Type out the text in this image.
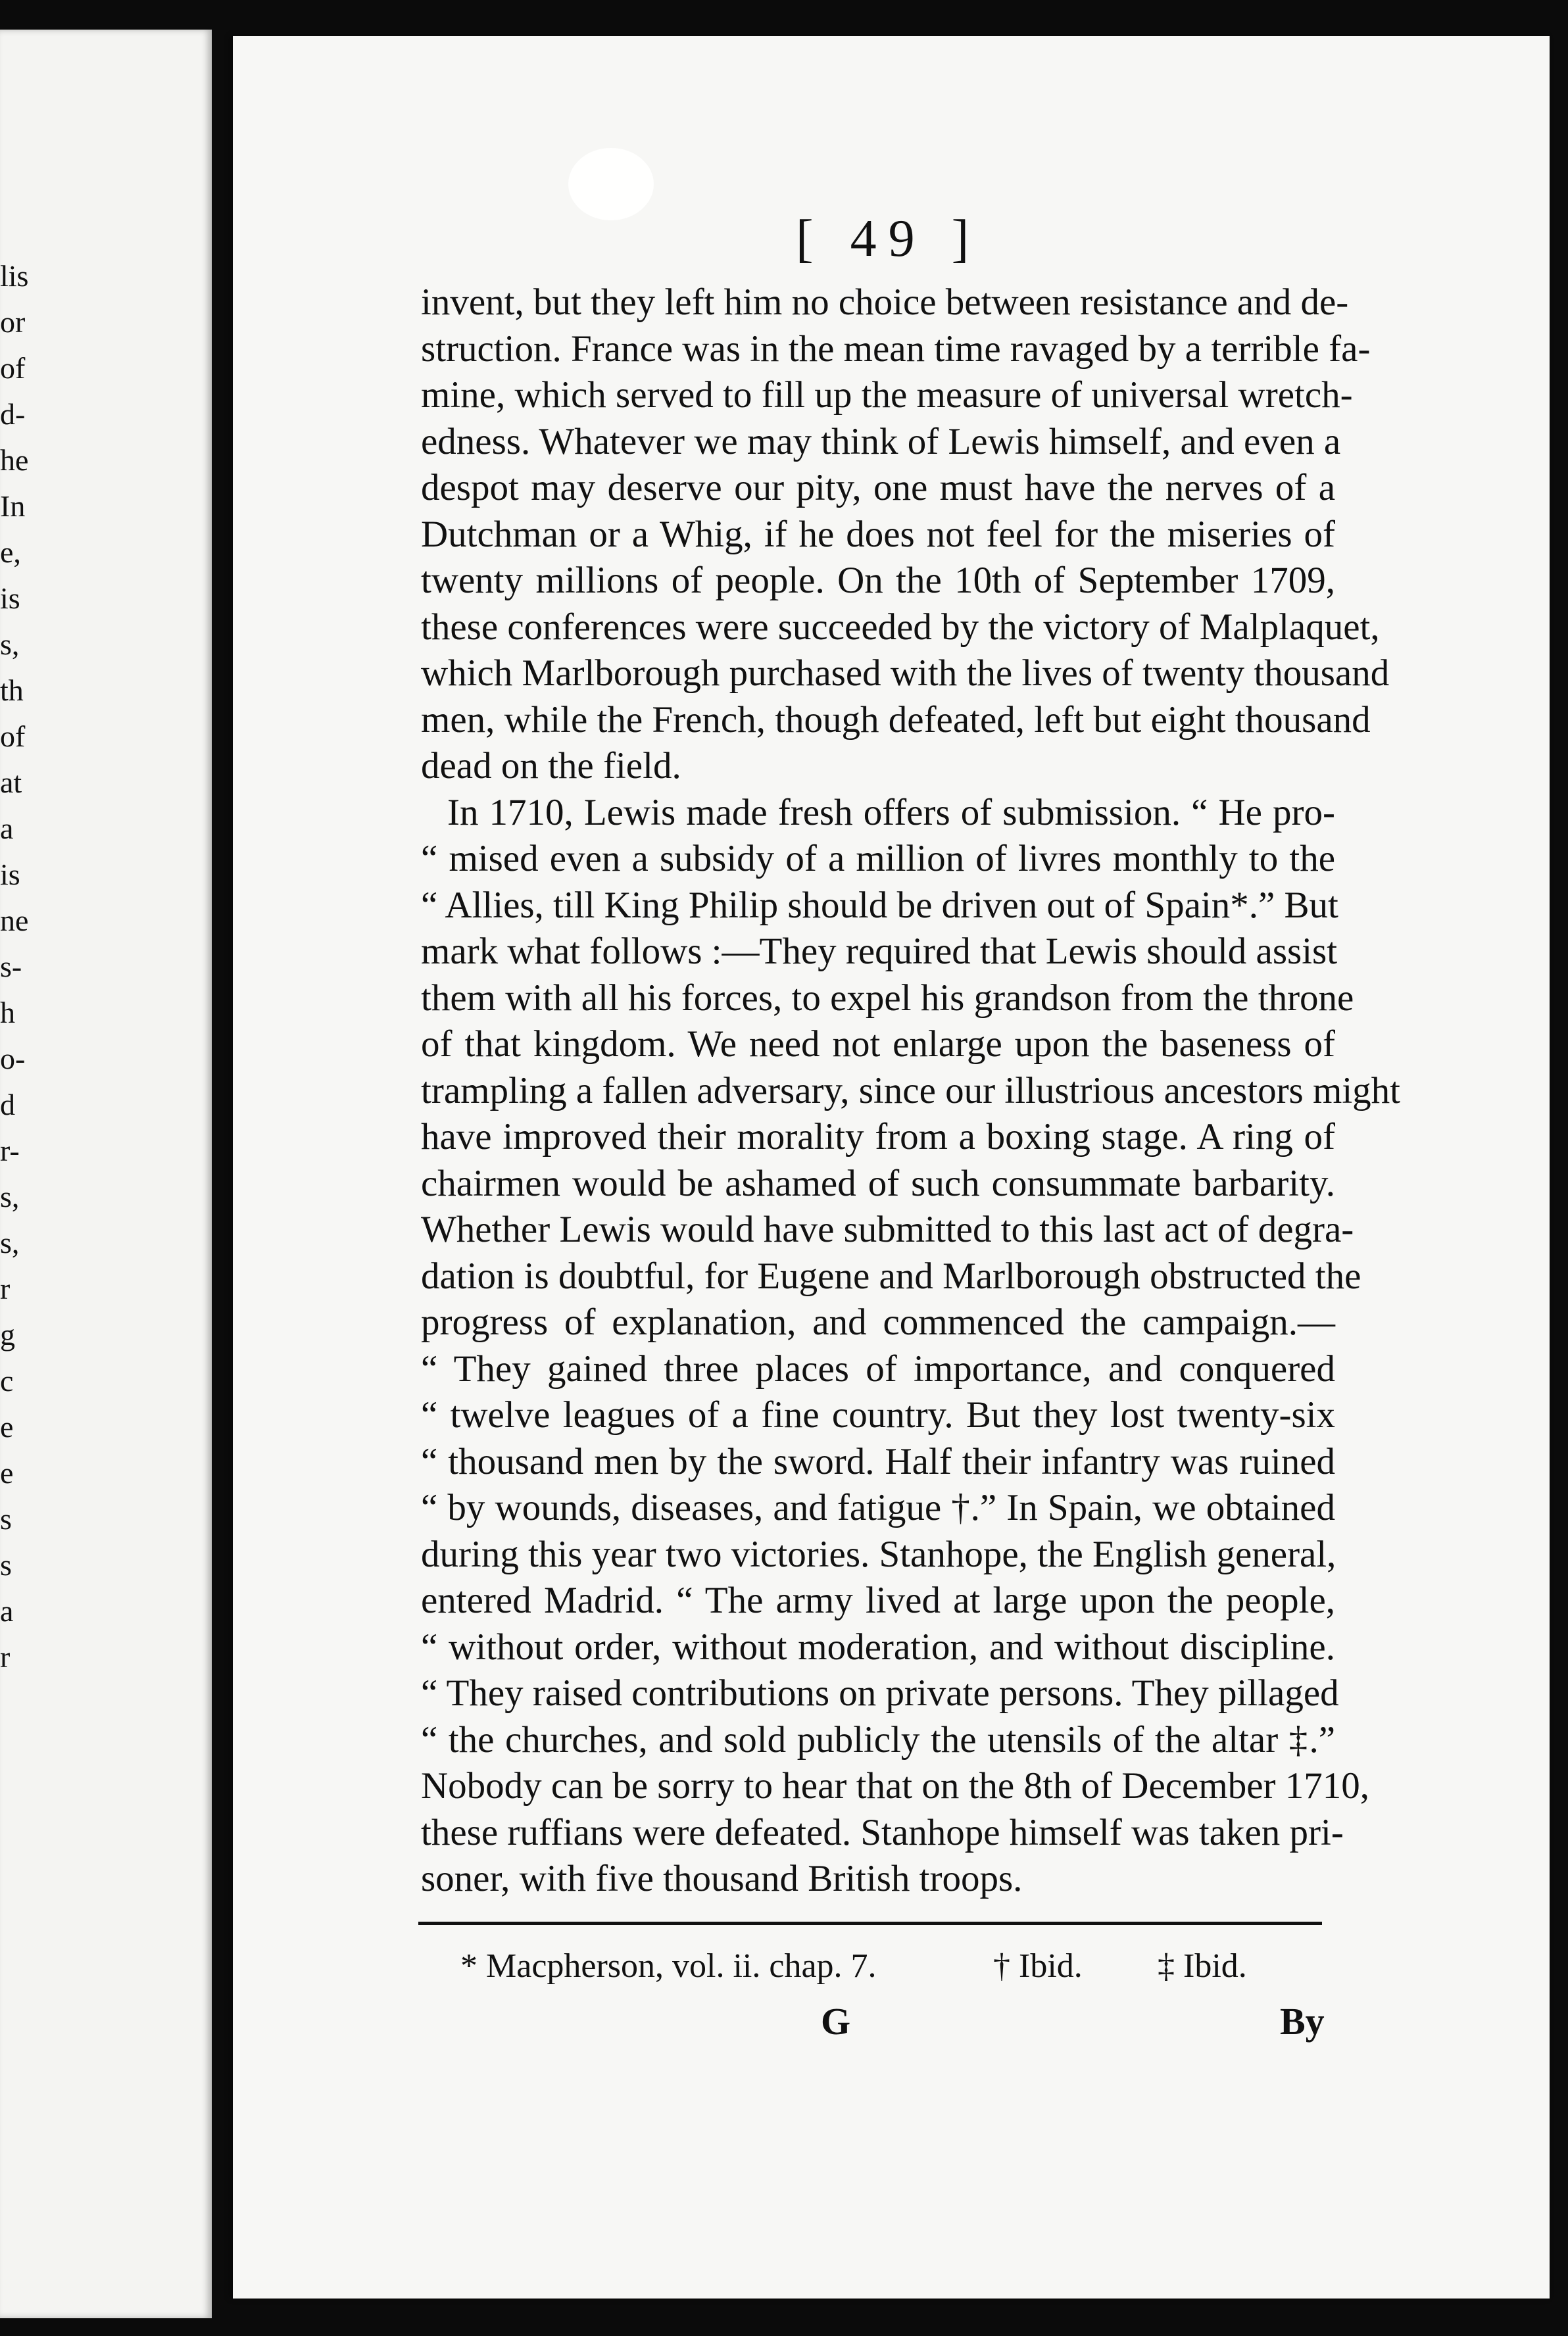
lis
or
of
d-
he
In
e,
is
s,
th
of
at
a
is
ne
s-
h
o-
d
r-
s,
s,
r
g
c
e
e
s
s
a
r
[ 49 ]
invent, but they left him no choice between resistance and de-
struction. France was in the mean time ravaged by a terrible fa-
mine, which served to fill up the measure of universal wretch-
edness. Whatever we may think of Lewis himself, and even a
despot may deserve our pity, one must have the nerves of a
Dutchman or a Whig, if he does not feel for the miseries of
twenty millions of people. On the 10th of September 1709,
these conferences were succeeded by the victory of Malplaquet,
which Marlborough purchased with the lives of twenty thousand
men, while the French, though defeated, left but eight thousand
dead on the field.
In 1710, Lewis made fresh offers of submission. “ He pro-
“ mised even a subsidy of a million of livres monthly to the
“ Allies, till King Philip should be driven out of Spain*.” But
mark what follows :—They required that Lewis should assist
them with all his forces, to expel his grandson from the throne
of that kingdom. We need not enlarge upon the baseness of
trampling a fallen adversary, since our illustrious ancestors might
have improved their morality from a boxing stage. A ring of
chairmen would be ashamed of such consummate barbarity.
Whether Lewis would have submitted to this last act of degra-
dation is doubtful, for Eugene and Marlborough obstructed the
progress of explanation, and commenced the campaign.—
“ They gained three places of importance, and conquered
“ twelve leagues of a fine country. But they lost twenty-six
“ thousand men by the sword. Half their infantry was ruined
“ by wounds, diseases, and fatigue †.” In Spain, we obtained
during this year two victories. Stanhope, the English general,
entered Madrid. “ The army lived at large upon the people,
“ without order, without moderation, and without discipline.
“ They raised contributions on private persons. They pillaged
“ the churches, and sold publicly the utensils of the altar ‡.”
Nobody can be sorry to hear that on the 8th of December 1710,
these ruffians were defeated. Stanhope himself was taken pri-
soner, with five thousand British troops.
* Macpherson, vol. ii. chap. 7.	† Ibid. ‡ Ibid.
G	By
